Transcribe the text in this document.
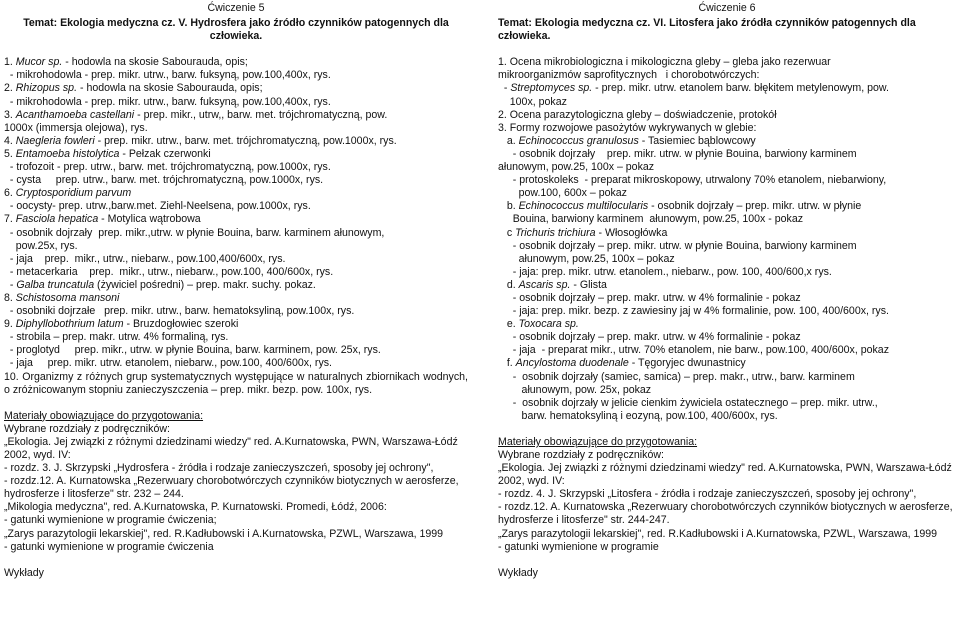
Ćwiczenie 5
Temat: Ekologia medyczna cz. V. Hydrosfera jako źródło czynników patogennych dla człowieka.
1. Mucor sp. - hodowla na skosie Sabourauda, opis;
- mikrohodowla - prep. mikr. utrw., barw. fuksyną, pow.100,400x, rys.
2. Rhizopus sp. - hodowla na skosie Sabourauda, opis;
- mikrohodowla - prep. mikr. utrw., barw. fuksyną, pow.100,400x, rys.
3. Acanthamoeba castellani - prep. mikr., utrw,, barw. met. trójchromatyczną, pow.
1000x (immersja olejowa), rys.
4. Naegleria fowleri - prep. mikr. utrw., barw. met. trójchromatyczną, pow.1000x, rys.
5. Entamoeba histolytica - Pełzak czerwonki
- trofozoit - prep. utrw., barw. met. trójchromatyczną, pow.1000x, rys.
- cysta     prep. utrw., barw. met. trójchromatyczną, pow.1000x, rys.
6. Cryptosporidium parvum
- oocysty- prep. utrw.,barw.met. Ziehl-Neelsena, pow.1000x, rys.
7. Fasciola hepatica - Motylica wątrobowa
- osobnik dojrzały  prep. mikr.,utrw. w płynie Bouina, barw. karminem ałunowym,
pow.25x, rys.
- jaja    prep.  mikr., utrw., niebarw., pow.100,400/600x, rys.
- metacerkaria    prep.  mikr., utrw., niebarw., pow.100, 400/600x, rys.
- Galba truncatula (żywiciel pośredni) – prep. makr. suchy. pokaz.
8. Schistosoma mansoni
- osobniki dojrzałe   prep. mikr. utrw., barw. hematoksyliną, pow.100x, rys.
9. Diphyllobothrium latum - Bruzdogłowiec szeroki
- strobila – prep. makr. utrw. 4% formaliną, rys.
- proglotyd     prep. mikr., utrw. w płynie Bouina, barw. karminem, pow. 25x, rys.
- jaja     prep. mikr. utrw. etanolem, niebarw., pow.100, 400/600x, rys.
10. Organizmy z różnych grup systematycznych występujące w naturalnych zbiornikach wodnych, o zróżnicowanym stopniu zanieczyszczenia – prep. mikr. bezp. pow. 100x, rys.
Materiały obowiązujące do przygotowania:
Wybrane rozdziały z podręczników:
„Ekologia. Jej związki z różnymi dziedzinami wiedzy" red. A.Kurnatowska, PWN, Warszawa-Łódź 2002, wyd. IV:
- rozdz. 3. J. Skrzypski „Hydrosfera - źródła i rodzaje zanieczyszczeń, sposoby jej ochrony",
- rozdz.12. A. Kurnatowska „Rezerwuary chorobotwórczych czynników biotycznych w aerosferze, hydrosferze i litosferze" str. 232 – 244.
„Mikologia medyczna", red. A.Kurnatowska, P. Kurnatowski. Promedi, Łódź, 2006:
- gatunki wymienione w programie ćwiczenia;
„Zarys parazytologii lekarskiej", red. R.Kadłubowski i A.Kurnatowska, PZWL, Warszawa, 1999
- gatunki wymienione w programie ćwiczenia
Wykłady
Ćwiczenie 6
Temat: Ekologia medyczna cz. VI. Litosfera jako źródła czynników patogennych dla człowieka.
1. Ocena mikrobiologiczna i mikologiczna gleby – gleba jako rezerwuar
mikroorganizmów saprofitycznych   i chorobotwórczych:
- Streptomyces sp. - prep. mikr. utrw. etanolem barw. błękitem metylenowym, pow.
100x, pokaz
2. Ocena parazytologiczna gleby – doświadczenie, protokół
3. Formy rozwojowe pasożytów wykrywanych w glebie:
a. Echinococcus granulosus - Tasiemiec bąblowcowy
- osobnik dojrzały    prep. mikr. utrw. w płynie Bouina, barwiony karminem
ałunowym, pow.25, 100x – pokaz
- protoskoleks  - preparat mikroskopowy, utrwalony 70% etanolem, niebarwiony,
pow.100, 600x – pokaz
b. Echinococcus multilocularis - osobnik dojrzały – prep. mikr. utrw. w płynie
Bouina, barwiony karminem  ałunowym, pow.25, 100x - pokaz
c Trichuris trichiura - Włosogłówka
- osobnik dojrzały – prep. mikr. utrw. w płynie Bouina, barwiony karminem
ałunowym, pow.25, 100x – pokaz
- jaja: prep. mikr. utrw. etanolem., niebarw., pow. 100, 400/600,x rys.
d. Ascaris sp. - Glista
- osobnik dojrzały – prep. makr. utrw. w 4% formalinie - pokaz
- jaja: prep. mikr. bezp. z zawiesiny jaj w 4% formalinie, pow. 100, 400/600x, rys.
e. Toxocara sp.
- osobnik dojrzały – prep. makr. utrw. w 4% formalinie - pokaz
- jaja  - preparat mikr., utrw. 70% etanolem, nie barw., pow.100, 400/600x, pokaz
f. Ancylostoma duodenale - Tęgoryjec dwunastnicy
-  osobnik dojrzały (samiec, samica) – prep. makr., utrw., barw. karminem
ałunowym, pow. 25x, pokaz
-  osobnik dojrzały w jelicie cienkim żywiciela ostatecznego – prep. mikr. utrw.,
barw. hematoksyliną i eozyną, pow.100, 400/600x, rys.
Materiały obowiązujące do przygotowania:
Wybrane rozdziały z podręczników:
„Ekologia. Jej związki z różnymi dziedzinami wiedzy" red. A.Kurnatowska, PWN, Warszawa-Łódź 2002, wyd. IV:
- rozdz. 4. J. Skrzypski „Litosfera - źródła i rodzaje zanieczyszczeń, sposoby jej ochrony",
- rozdz.12. A. Kurnatowska „Rezerwuary chorobotwórczych czynników biotycznych w aerosferze, hydrosferze i litosferze" str. 244-247.
„Zarys parazytologii lekarskiej", red. R.Kadłubowski i A.Kurnatowska, PZWL, Warszawa, 1999
- gatunki wymienione w programie
Wykłady
